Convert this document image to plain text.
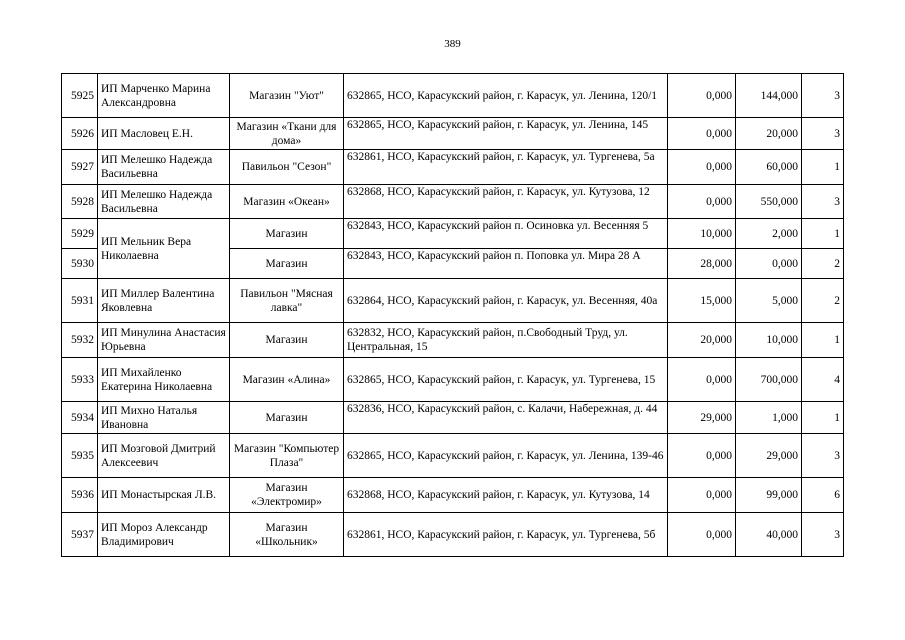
389
5925	ИП Марченко Марина Александровна	Магазин "Уют"	632865, НСО, Карасукский район, г. Карасук, ул. Ленина, 120/1	0,000	144,000	3
5926	ИП Масловец Е.Н.	Магазин «Ткани для дома»	632865, НСО, Карасукский район, г. Карасук, ул. Ленина, 145	0,000	20,000	3
5927	ИП Мелешко Надежда Васильевна	Павильон "Сезон"	632861, НСО, Карасукский район, г. Карасук, ул. Тургенева, 5а	0,000	60,000	1
5928	ИП Мелешко Надежда Васильевна	Магазин «Океан»	632868, НСО, Карасукский район, г. Карасук, ул. Кутузова, 12	0,000	550,000	3
5929	ИП Мельник Вера Николаевна	Магазин	632843, НСО, Карасукский район п. Осиновка ул. Весенняя 5	10,000	2,000	1
5930		Магазин	632843, НСО, Карасукский район п. Поповка ул. Мира 28 А	28,000	0,000	2
5931	ИП Миллер Валентина Яковлевна	Павильон "Мясная лавка"	632864, НСО, Карасукский район, г. Карасук, ул. Весенняя, 40а	15,000	5,000	2
5932	ИП Минулина Анастасия Юрьевна	Магазин	632832, НСО, Карасукский район, п.Свободный Труд, ул. Центральная, 15	20,000	10,000	1
5933	ИП Михайленко Екатерина Николаевна	Магазин «Алина»	632865, НСО, Карасукский район, г. Карасук, ул. Тургенева, 15	0,000	700,000	4
5934	ИП Михно Наталья Ивановна	Магазин	632836, НСО, Карасукский район, с. Калачи, Набережная, д. 44	29,000	1,000	1
5935	ИП Мозговой Дмитрий Алексеевич	Магазин "Компьютер Плаза"	632865, НСО, Карасукский район, г. Карасук, ул. Ленина, 139-46	0,000	29,000	3
5936	ИП Монастырская Л.В.	Магазин «Электромир»	632868, НСО, Карасукский район, г. Карасук, ул. Кутузова, 14	0,000	99,000	6
5937	ИП Мороз Александр Владимирович	Магазин «Школьник»	632861, НСО, Карасукский район, г. Карасук, ул. Тургенева, 5б	0,000	40,000	3
